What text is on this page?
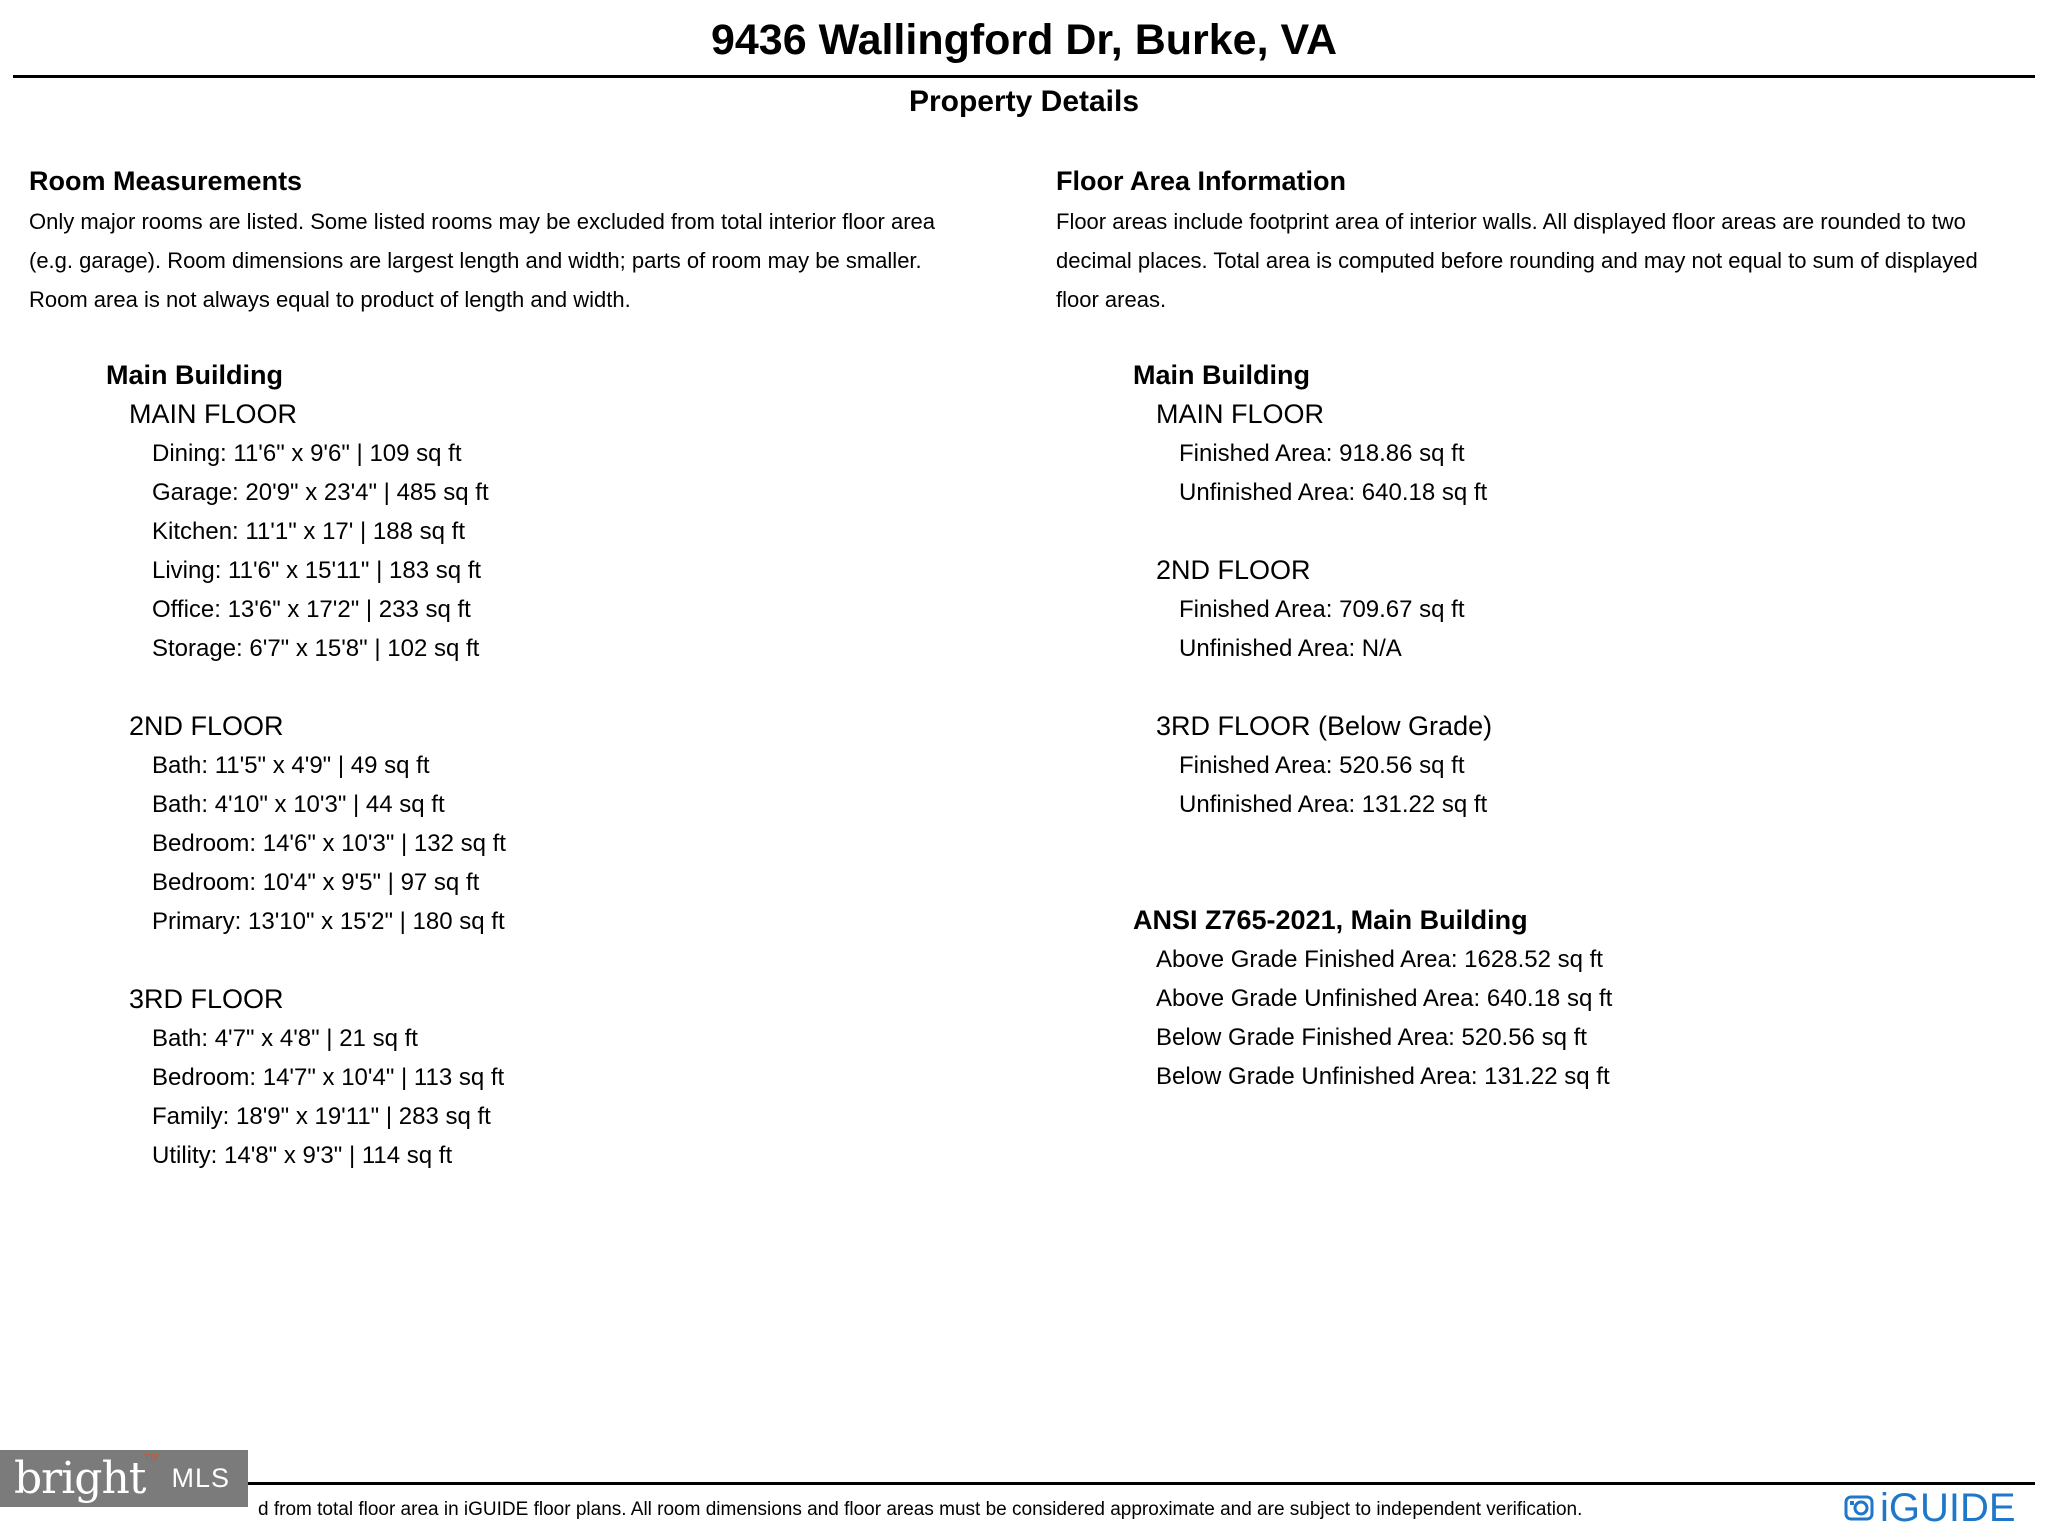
9436 Wallingford Dr, Burke, VA
Property Details
Room Measurements
Only major rooms are listed. Some listed rooms may be excluded from total interior floor area
(e.g. garage). Room dimensions are largest length and width; parts of room may be smaller.
Room area is not always equal to product of length and width.
Main Building
MAIN FLOOR
Dining: 11'6" x 9'6" | 109 sq ft
Garage: 20'9" x 23'4" | 485 sq ft
Kitchen: 11'1" x 17' | 188 sq ft
Living: 11'6" x 15'11" | 183 sq ft
Office: 13'6" x 17'2" | 233 sq ft
Storage: 6'7" x 15'8" | 102 sq ft
2ND FLOOR
Bath: 11'5" x 4'9" | 49 sq ft
Bath: 4'10" x 10'3" | 44 sq ft
Bedroom: 14'6" x 10'3" | 132 sq ft
Bedroom: 10'4" x 9'5" | 97 sq ft
Primary: 13'10" x 15'2" | 180 sq ft
3RD FLOOR
Bath: 4'7" x 4'8" | 21 sq ft
Bedroom: 14'7" x 10'4" | 113 sq ft
Family: 18'9" x 19'11" | 283 sq ft
Utility: 14'8" x 9'3" | 114 sq ft
Floor Area Information
Floor areas include footprint area of interior walls. All displayed floor areas are rounded to two
decimal places. Total area is computed before rounding and may not equal to sum of displayed
floor areas.
Main Building
MAIN FLOOR
Finished Area: 918.86 sq ft
Unfinished Area: 640.18 sq ft
2ND FLOOR
Finished Area: 709.67 sq ft
Unfinished Area: N/A
3RD FLOOR (Below Grade)
Finished Area: 520.56 sq ft
Unfinished Area: 131.22 sq ft
ANSI Z765-2021, Main Building
Above Grade Finished Area: 1628.52 sq ft
Above Grade Unfinished Area: 640.18 sq ft
Below Grade Finished Area: 520.56 sq ft
Below Grade Unfinished Area: 131.22 sq ft
d from total floor area in iGUIDE floor plans. All room dimensions and floor areas must be considered approximate and are subject to independent verification.
bright
™
MLS
iGUIDE
